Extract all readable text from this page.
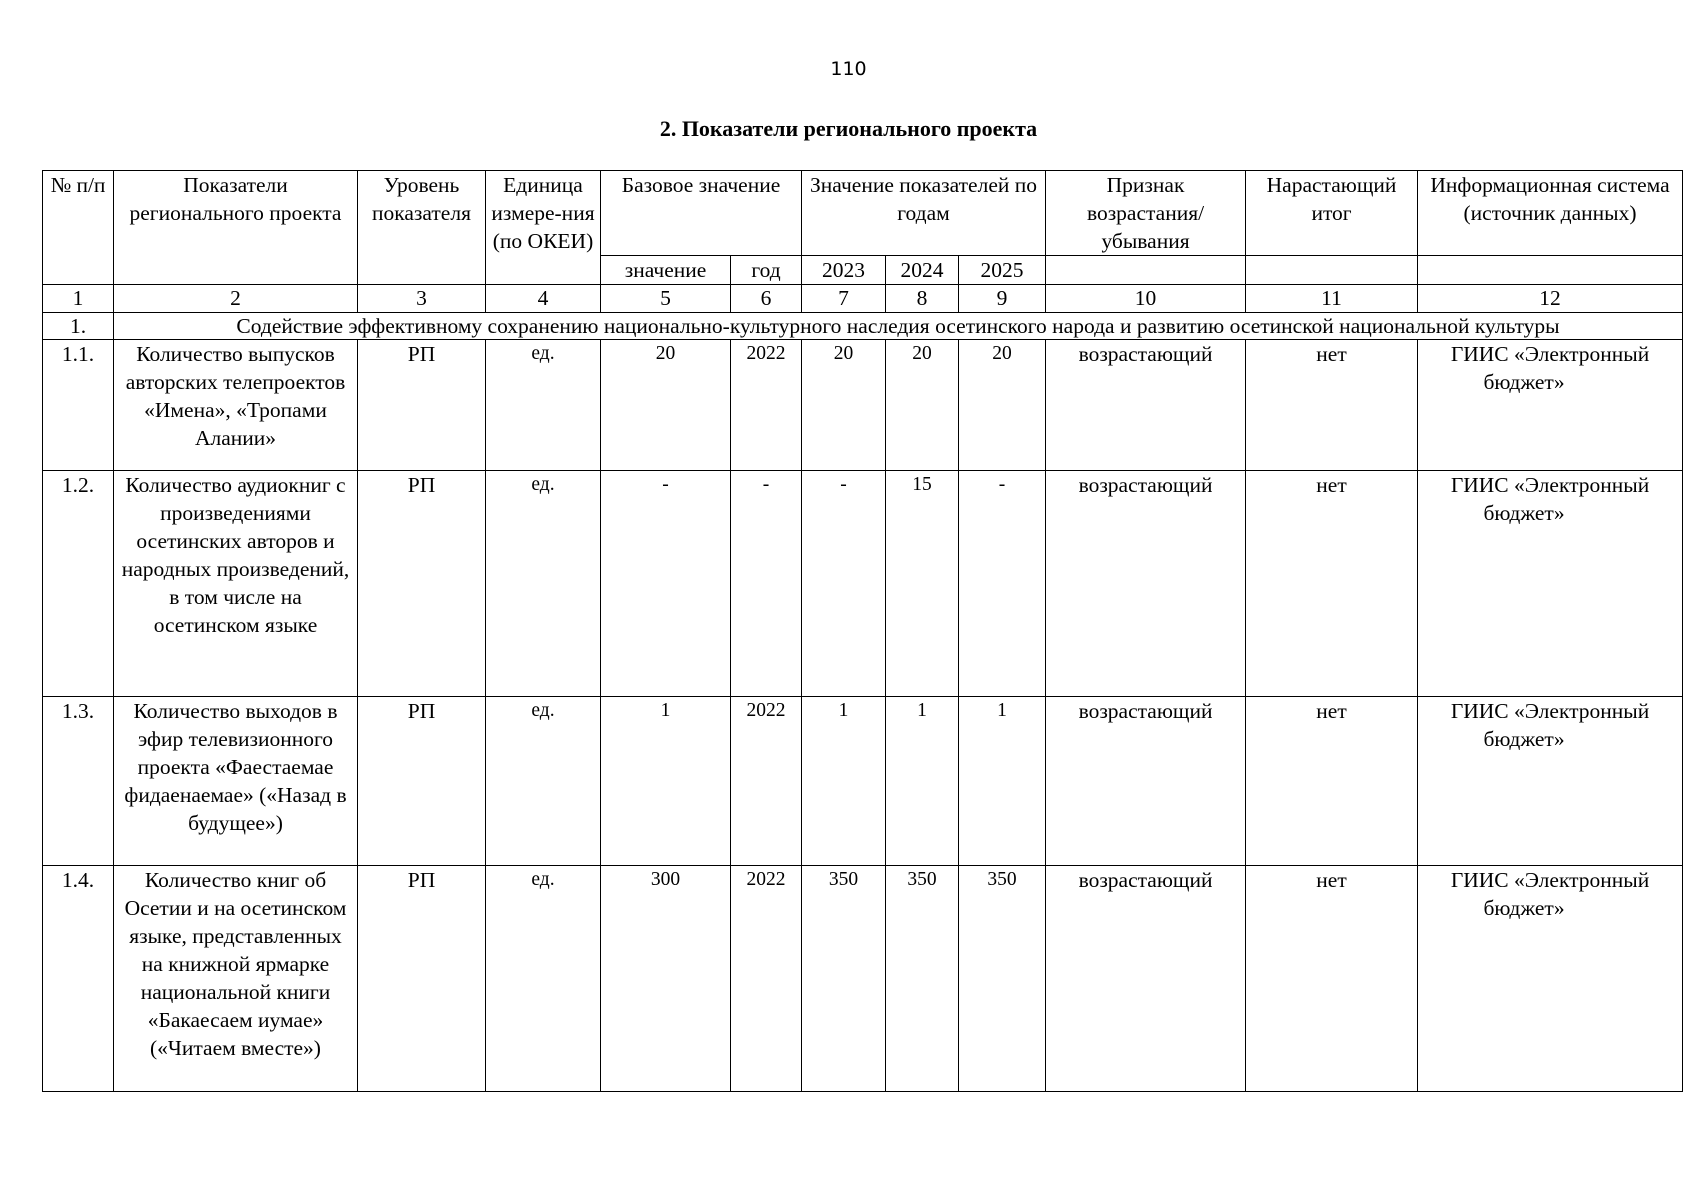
110
2. Показатели регионального проекта
№ п/п	Показатели регионального проекта	Уровень показателя	Единица измере-ния (по ОКЕИ)	Базовое значение		Значение показателей по годам			Признак возрастания/ убывания	Нарастающий итог	Информационная система (источник данных)
				значение	год	2023	2024	2025			
1	2	3	4	5	6	7	8	9	10	11	12
1.	Содействие эффективному сохранению национально-культурного наследия осетинского народа и развитию осетинской национальной культуры										
1.1.	Количество выпусков авторских телепроектов «Имена», «Тропами Алании»	РП	ед.	20	2022	20	20	20	возрастающий	нет	ГИИС «Электронный
бюджет»

1.2.	Количество аудиокниг с произведениями осетинских авторов и народных произведений, в том числе на осетинском языке	РП	ед.	-	-	-	15	-	возрастающий	нет	ГИИС «Электронный
бюджет»

1.3.	Количество выходов в эфир телевизионного проекта «Фаестаемае фидаенаемае» («Назад в будущее»)	РП	ед.	1	2022	1	1	1	возрастающий	нет	ГИИС «Электронный
бюджет»

1.4.	Количество книг об Осетии и на осетинском языке, представленных на книжной ярмарке национальной книги «Бакаесаем иумае» («Читаем вместе»)	РП	ед.	300	2022	350	350	350	возрастающий	нет	ГИИС «Электронный
бюджет»
